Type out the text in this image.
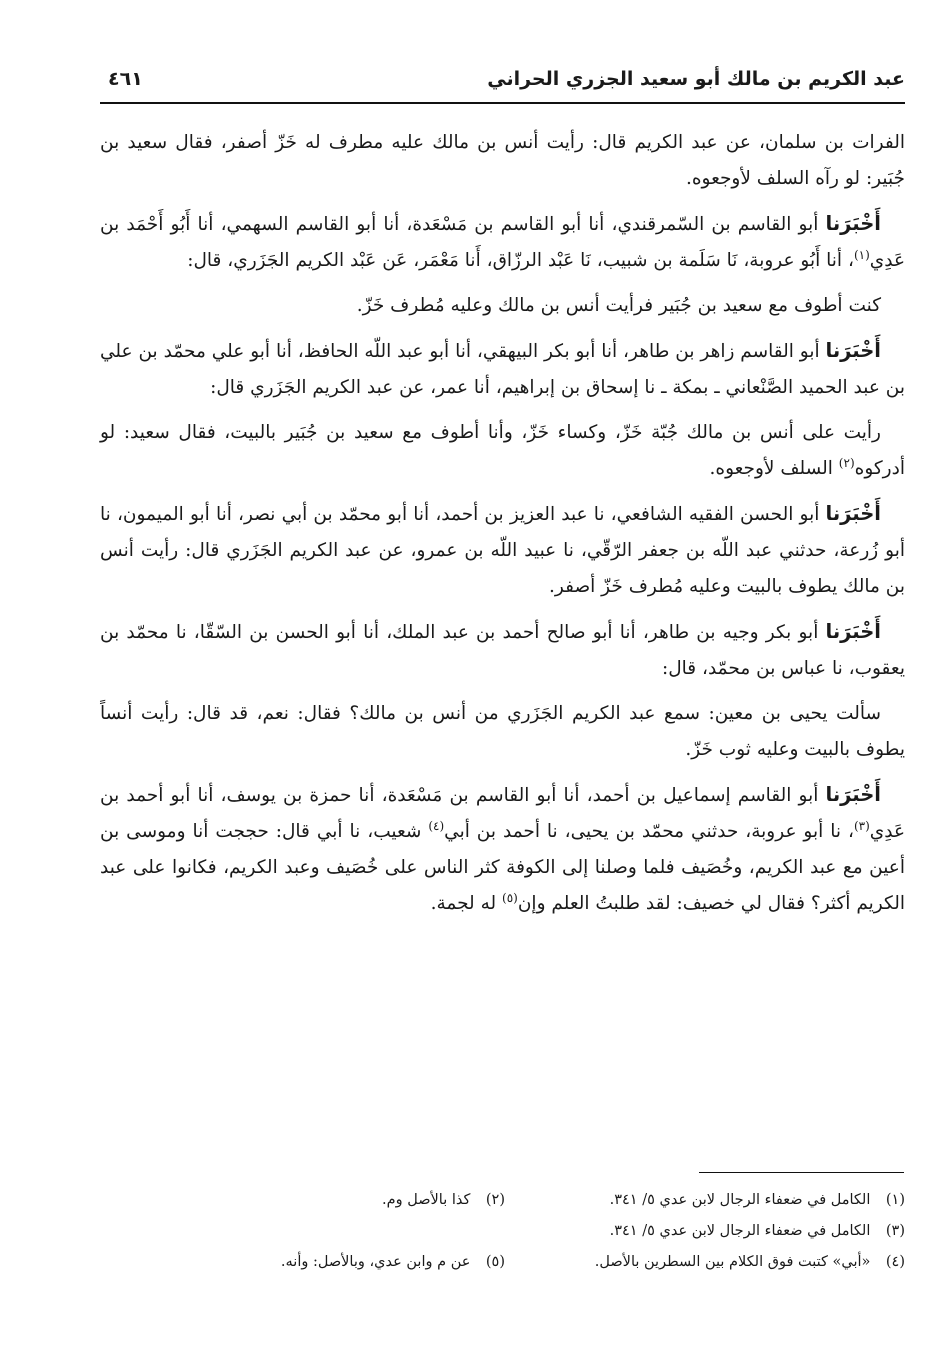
عبد الكريم بن مالك أبو سعيد الجزري الحراني
٤٦١

الفرات بن سلمان، عن عبد الكريم قال: رأيت أنس بن مالك عليه مطرف له خَزّ أصفر، فقال سعيد بن جُبَير: لو رآه السلف لأوجعوه.

أَخْبَرَنا أبو القاسم بن السّمرقندي، أنا أبو القاسم بن مَسْعَدة، أنا أبو القاسم السهمي، أنا أَبُو أَحْمَد بن عَدِي$^{(١)}$، أنا أَبُو عروبة، نَا سَلَمة بن شبيب، نَا عَبْد الرزّاق، أَنا مَعْمَر، عَن عَبْد الكريم الجَزَري، قال:

كنت أطوف مع سعيد بن جُبَير فرأيت أنس بن مالك وعليه مُطرف خَزّ.

أَخْبَرَنا أبو القاسم زاهر بن طاهر، أنا أبو بكر البيهقي، أنا أبو عبد اللّه الحافظ، أنا أبو علي محمّد بن علي بن عبد الحميد الصَّنْعاني ـ بمكة ـ نا إسحاق بن إبراهيم، أنا عمر، عن عبد الكريم الجَزَري قال:

رأيت على أنس بن مالك جُبّة خَزّ، وكساء خَزّ، وأنا أطوف مع سعيد بن جُبَير بالبيت، فقال سعيد: لو أدركوه$^{(٢)}$ السلف لأوجعوه.

أَخْبَرَنا أبو الحسن الفقيه الشافعي، نا عبد العزيز بن أحمد، أنا أبو محمّد بن أبي نصر، أنا أبو الميمون، نا أبو زُرعة، حدثني عبد اللّه بن جعفر الرّقّي، نا عبيد اللّه بن عمرو، عن عبد الكريم الجَزَري قال: رأيت أنس بن مالك يطوف بالبيت وعليه مُطرف خَزّ أصفر.

أَخْبَرَنا أبو بكر وجيه بن طاهر، أنا أبو صالح أحمد بن عبد الملك، أنا أبو الحسن بن السّقّا، نا محمّد بن يعقوب، نا عباس بن محمّد، قال:

سألت يحيى بن معين: سمع عبد الكريم الجَزَري من أنس بن مالك؟ فقال: نعم، قد قال: رأيت أنساً يطوف بالبيت وعليه ثوب خَزّ.

أَخْبَرَنا أبو القاسم إسماعيل بن أحمد، أنا أبو القاسم بن مَسْعَدة، أنا حمزة بن يوسف، أنا أبو أحمد بن عَدِي$^{(٣)}$، نا أبو عروبة، حدثني محمّد بن يحيى، نا أحمد بن أبي$^{(٤)}$ شعيب، نا أبي قال: حججت أنا وموسى بن أعين مع عبد الكريم، وخُصَيف فلما وصلنا إلى الكوفة كثر الناس على خُصَيف وعبد الكريم، فكانوا على عبد الكريم أكثر؟ فقال لي خصيف: لقد طلبتُ العلم وإن$^{(٥)}$ له لجمة.

(١) الكامل في ضعفاء الرجال لابن عدي ٥/ ٣٤١.
(٢) كذا بالأصل وم.
(٣) الكامل في ضعفاء الرجال لابن عدي ٥/ ٣٤١.
(٤) «أبي» كتبت فوق الكلام بين السطرين بالأصل.
(٥) عن م وابن عدي، وبالأصل: وأنه.
